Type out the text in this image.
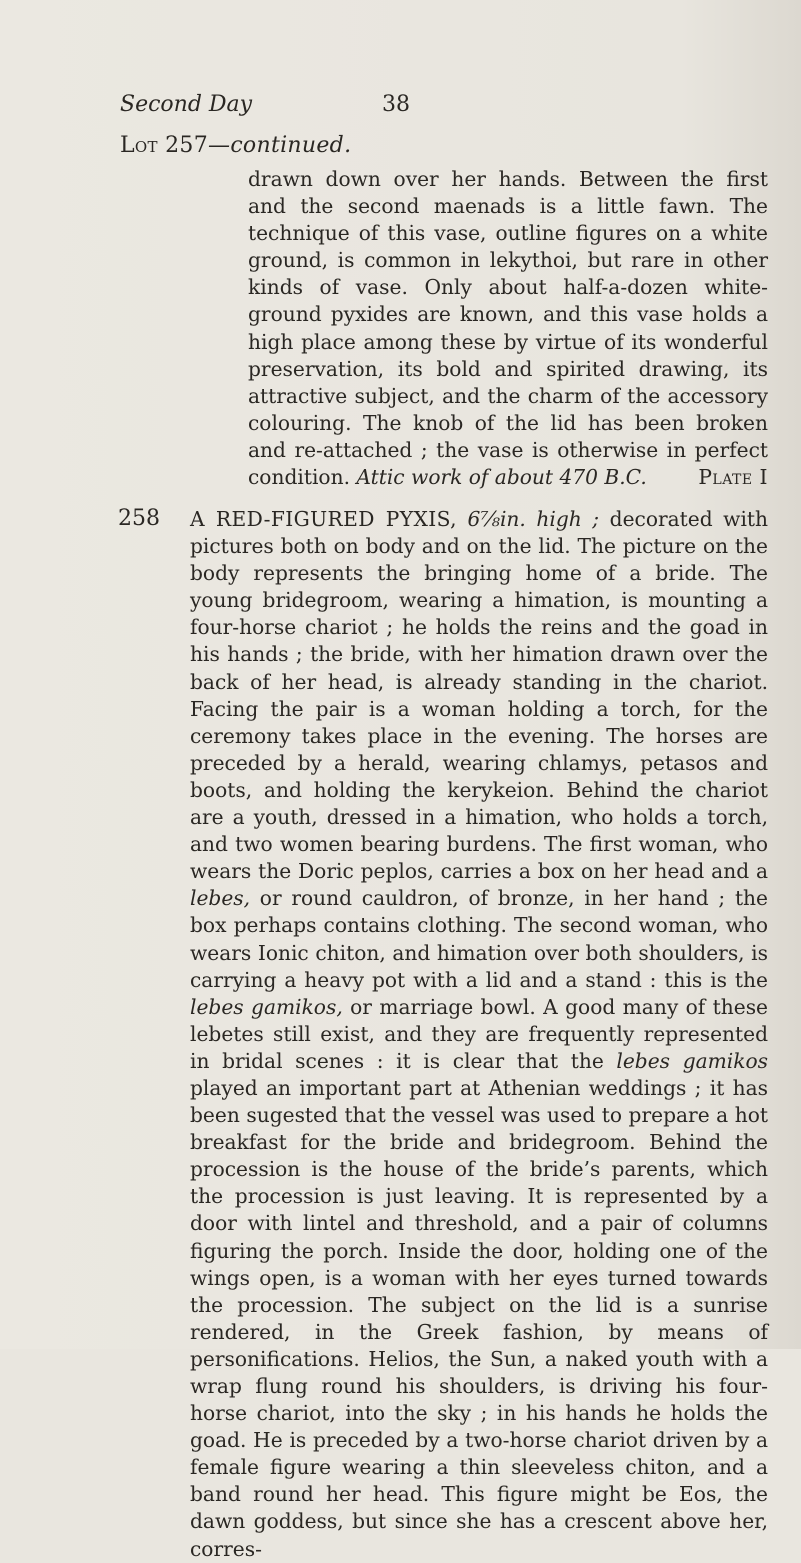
Second Day	38
Lot 257—continued.
drawn down over her hands. Between the first and the second maenads is a little fawn. The technique of this vase, outline figures on a white ground, is common in lekythoi, but rare in other kinds of vase. Only about half-a-dozen white-ground pyxides are known, and this vase holds a high place among these by virtue of its wonderful preservation, its bold and spirited drawing, its attractive subject, and the charm of the accessory colouring. The knob of the lid has been broken and re-attached ; the vase is otherwise in perfect condition. Attic work of about 470 B.C.	Plate I
258 A RED-FIGURED PYXIS, 6⅞in. high ; decorated with pictures both on body and on the lid. The picture on the body represents the bringing home of a bride. The young bridegroom, wearing a himation, is mounting a four-horse chariot ; he holds the reins and the goad in his hands ; the bride, with her himation drawn over the back of her head, is already standing in the chariot. Facing the pair is a woman holding a torch, for the ceremony takes place in the evening. The horses are preceded by a herald, wearing chlamys, petasos and boots, and holding the kerykeion. Behind the chariot are a youth, dressed in a himation, who holds a torch, and two women bearing burdens. The first woman, who wears the Doric peplos, carries a box on her head and a lebes, or round cauldron, of bronze, in her hand ; the box perhaps contains clothing. The second woman, who wears Ionic chiton, and himation over both shoulders, is carrying a heavy pot with a lid and a stand : this is the lebes gamikos, or marriage bowl. A good many of these lebetes still exist, and they are frequently represented in bridal scenes : it is clear that the lebes gamikos played an important part at Athenian weddings ; it has been sugested that the vessel was used to prepare a hot breakfast for the bride and bridegroom. Behind the procession is the house of the bride’s parents, which the procession is just leaving. It is represented by a door with lintel and threshold, and a pair of columns figuring the porch. Inside the door, holding one of the wings open, is a woman with her eyes turned towards the procession. The subject on the lid is a sunrise rendered, in the Greek fashion, by means of personifications. Helios, the Sun, a naked youth with a wrap flung round his shoulders, is driving his four-horse chariot, into the sky ; in his hands he holds the goad. He is preceded by a two-horse chariot driven by a female figure wearing a thin sleeveless chiton, and a band round her head. This figure might be Eos, the dawn goddess, but since she has a crescent above her, corres-
